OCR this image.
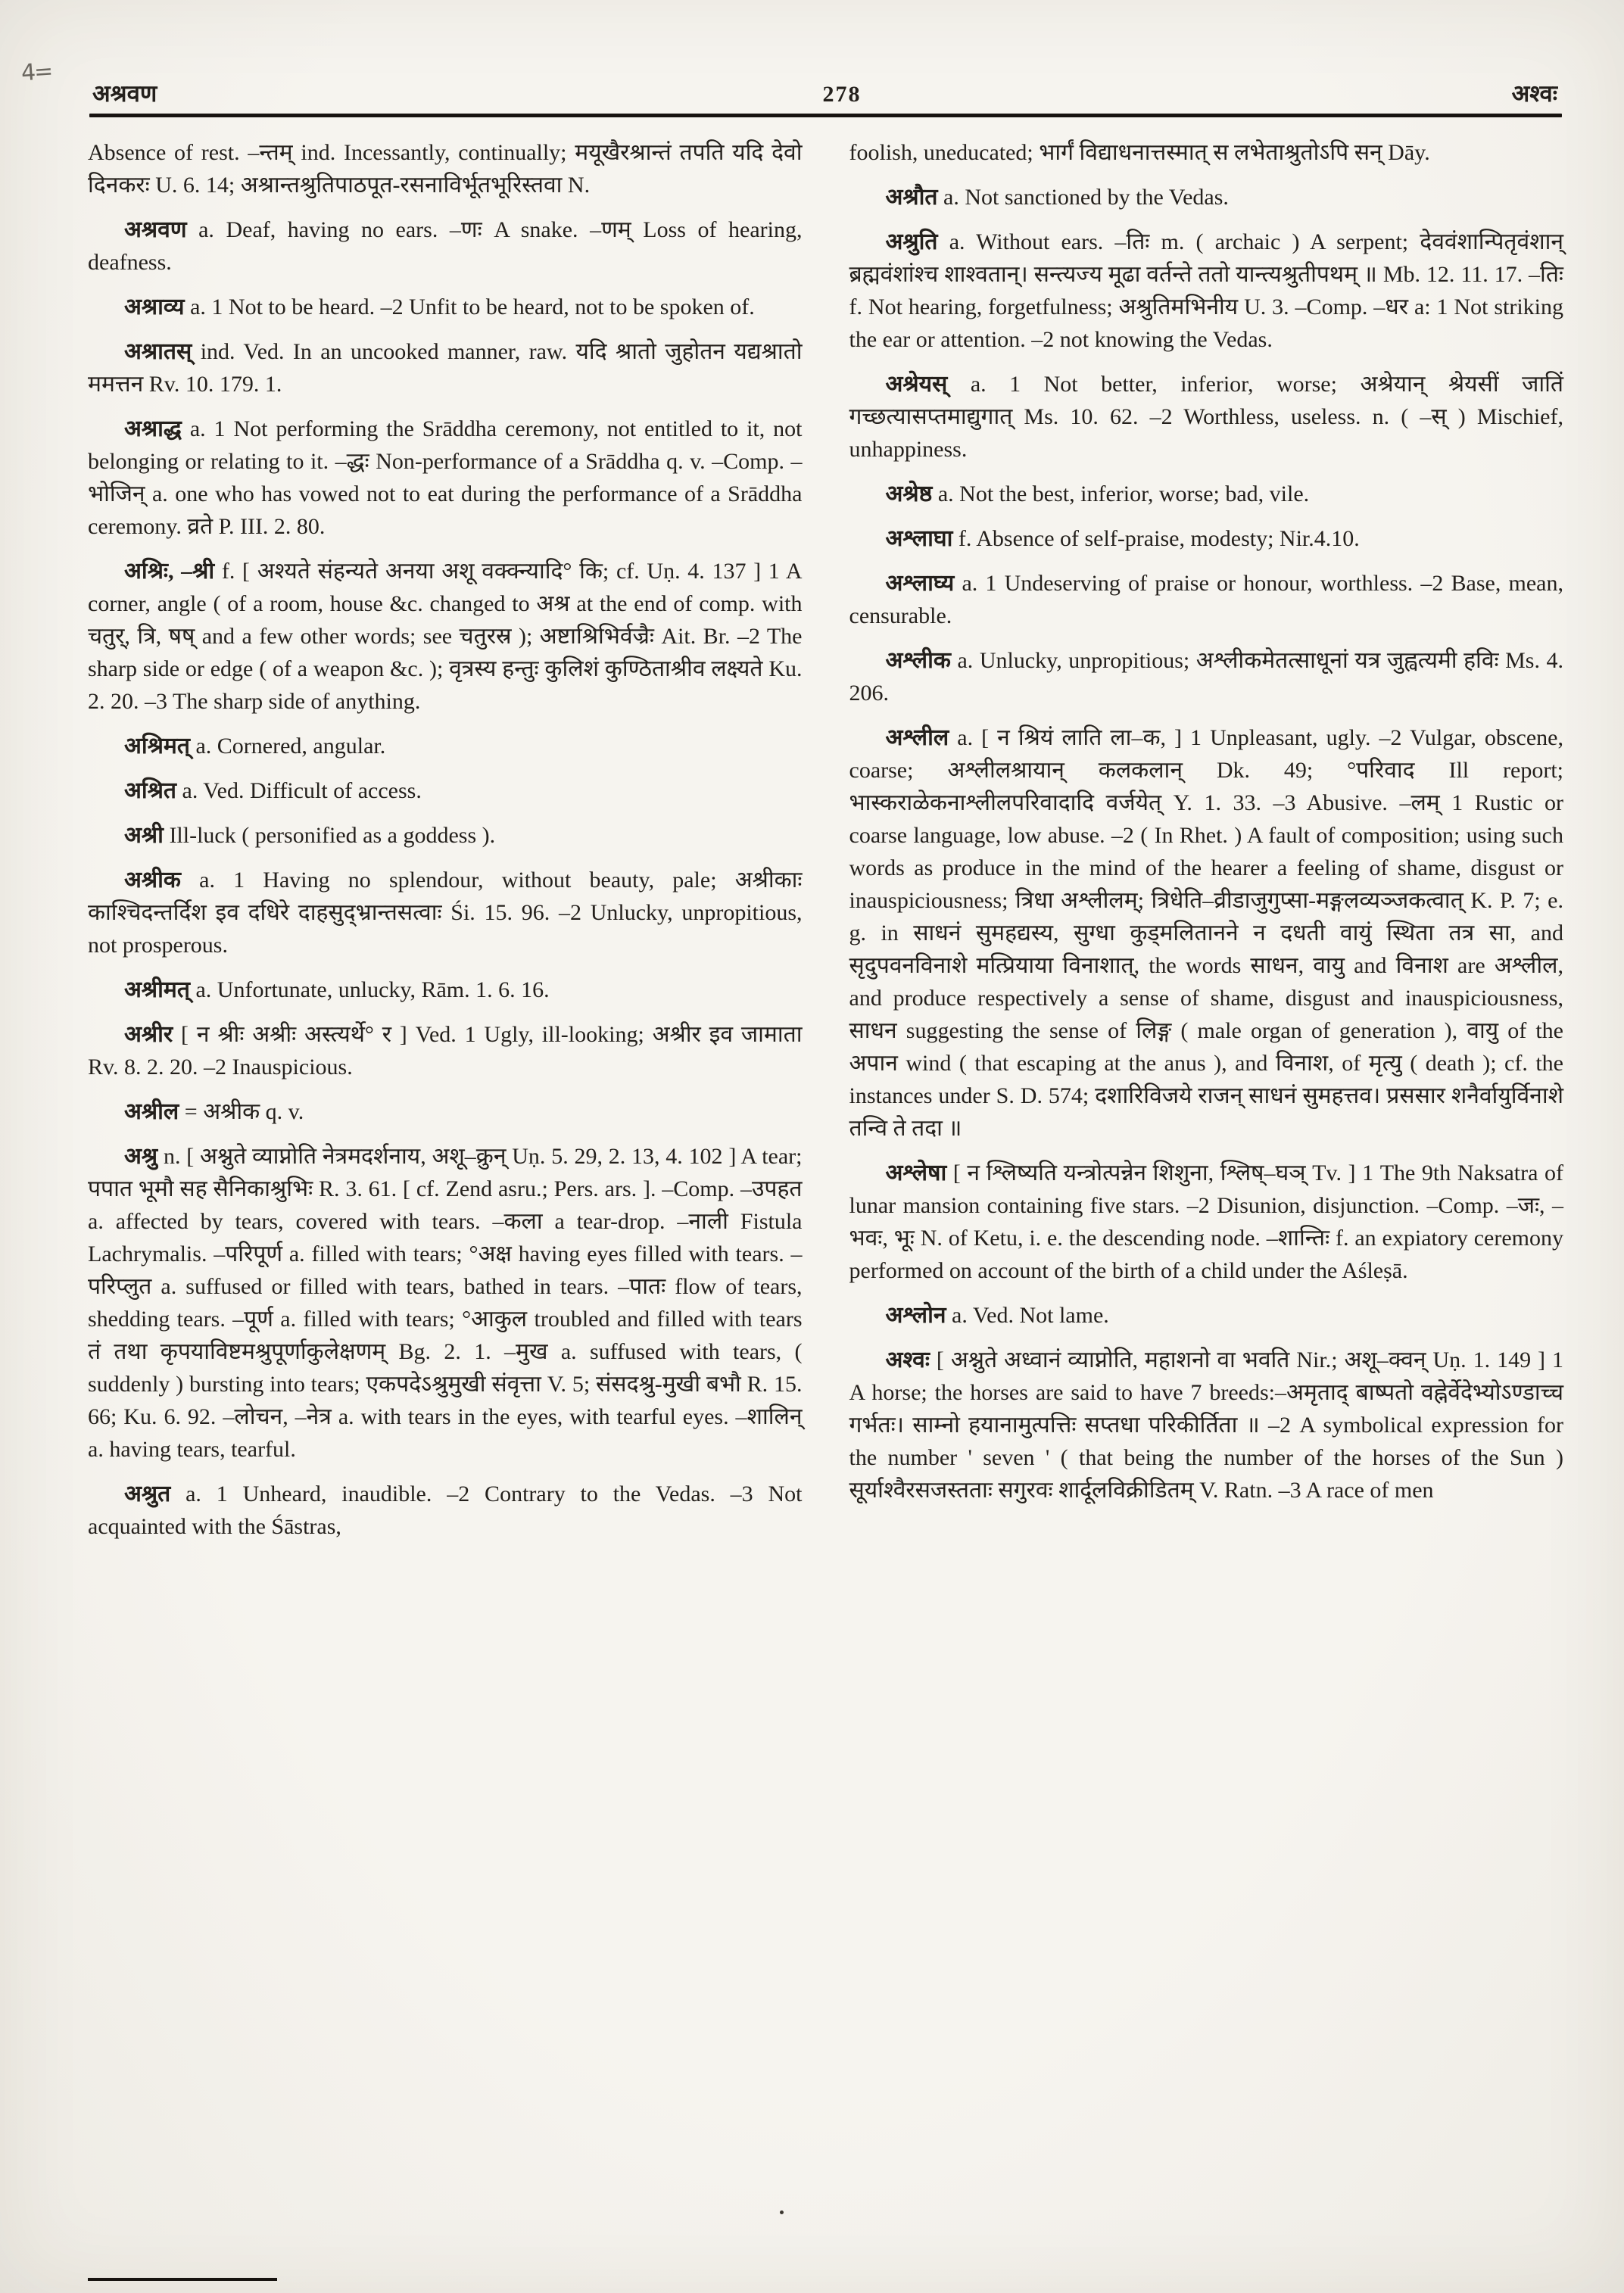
4=
अश्रवण	278	अश्वः

Absence of rest. –न्तम् ind. Incessantly, continually; मयूखैरश्रान्तं तपति यदि देवो दिनकरः U. 6. 14; अश्रान्तश्रुतिपाठपूत-रसनाविर्भूतभूरिस्तवा N.

अश्रवण a. Deaf, having no ears. –णः A snake. –णम् Loss of hearing, deafness.

अश्राव्य a. 1 Not to be heard. –2 Unfit to be heard, not to be spoken of.

अश्रातस् ind. Ved. In an uncooked manner, raw. यदि श्रातो जुहोतन यद्यश्रातो ममत्तन Rv. 10. 179. 1.

अश्राद्ध a. 1 Not performing the Srāddha ceremony, not entitled to it, not belonging or relating to it. –द्धः Non-performance of a Srāddha q. v. –Comp. –भोजिन् a. one who has vowed not to eat during the performance of a Srāddha ceremony. व्रते P. III. 2. 80.

अश्रिः, –श्री f. [ अश्यते संहन्यते अनया अशू वक्क्न्यादि° कि; cf. Uṇ. 4. 137 ] 1 A corner, angle ( of a room, house &c. changed to अश्र at the end of comp. with चतुर्, त्रि, षष् and a few other words; see चतुरस्र ); अष्टाश्रिभिर्वज्रैः Ait. Br. –2 The sharp side or edge ( of a weapon &c. ); वृत्रस्य हन्तुः कुलिशं कुण्ठिताश्रीव लक्ष्यते Ku. 2. 20. –3 The sharp side of anything.

अश्रिमत् a. Cornered, angular.

अश्रित a. Ved. Difficult of access.

अश्री Ill-luck ( personified as a goddess ).

अश्रीक a. 1 Having no splendour, without beauty, pale; अश्रीकाः काश्चिदन्तर्दिश इव दधिरे दाहसुद्भ्रान्तसत्वाः Śi. 15. 96. –2 Unlucky, unpropitious, not prosperous.

अश्रीमत् a. Unfortunate, unlucky, Rām. 1. 6. 16.

अश्रीर [ न श्रीः अश्रीः अस्त्यर्थे° र ] Ved. 1 Ugly, ill-looking; अश्रीर इव जामाता Rv. 8. 2. 20. –2 Inauspicious.

अश्रील = अश्रीक q. v.

अश्रु n. [ अश्नुते व्याप्नोति नेत्रमदर्शनाय, अशू–क्रुन् Uṇ. 5. 29, 2. 13, 4. 102 ] A tear; पपात भूमौ सह सैनिकाश्रुभिः R. 3. 61. [ cf. Zend asru.; Pers. ars. ]. –Comp. –उपहत a. affected by tears, covered with tears. –कला a tear-drop. –नाली Fistula Lachrymalis. –परिपूर्ण a. filled with tears; °अक्ष having eyes filled with tears. –परिप्लुत a. suffused or filled with tears, bathed in tears. –पातः flow of tears, shedding tears. –पूर्ण a. filled with tears; °आकुल troubled and filled with tears तं तथा कृपयाविष्टमश्रुपूर्णाकुलेक्षणम् Bg. 2. 1. –मुख a. suffused with tears, ( suddenly ) bursting into tears; एकपदेऽश्रुमुखी संवृत्ता V. 5; संसदश्रु-मुखी बभौ R. 15. 66; Ku. 6. 92. –लोचन, –नेत्र a. with tears in the eyes, with tearful eyes. –शालिन् a. having tears, tearful.

अश्रुत a. 1 Unheard, inaudible. –2 Contrary to the Vedas. –3 Not acquainted with the Śāstras,

foolish, uneducated; भार्गं विद्याधनात्तस्मात् स लभेताश्रुतोऽपि सन् Dāy.

अश्रौत a. Not sanctioned by the Vedas.

अश्रुति a. Without ears. –तिः m. ( archaic ) A serpent; देववंशान्पितृवंशान् ब्रह्मवंशांश्च शाश्वतान्। सन्त्यज्य मूढा वर्तन्ते ततो यान्त्यश्रुतीपथम् ॥ Mb. 12. 11. 17. –तिः f. Not hearing, forgetfulness; अश्रुतिमभिनीय U. 3. –Comp. –धर a: 1 Not striking the ear or attention. –2 not knowing the Vedas.

अश्रेयस् a. 1 Not better, inferior, worse; अश्रेयान् श्रेयसीं जातिं गच्छत्यासप्तमाद्युगात् Ms. 10. 62. –2 Worthless, useless. n. ( –स् ) Mischief, unhappiness.

अश्रेष्ठ a. Not the best, inferior, worse; bad, vile.

अश्लाघा f. Absence of self-praise, modesty; Nir.4.10.

अश्लाघ्य a. 1 Undeserving of praise or honour, worthless. –2 Base, mean, censurable.

अश्लीक a. Unlucky, unpropitious; अश्लीकमेतत्साधूनां यत्र जुह्वत्यमी हविः Ms. 4. 206.

अश्लील a. [ न श्रियं लाति ला–क, ] 1 Unpleasant, ugly. –2 Vulgar, obscene, coarse; अश्लीलश्रायान् कलकलान् Dk. 49; °परिवाद Ill report; भास्कराळेकनाश्लीलपरिवादादि वर्जयेत् Y. 1. 33. –3 Abusive. –लम् 1 Rustic or coarse language, low abuse. –2 ( In Rhet. ) A fault of composition; using such words as produce in the mind of the hearer a feeling of shame, disgust or inauspiciousness; त्रिधा अश्लीलम्; त्रिधेति–व्रीडाजुगुप्सा-मङ्गलव्यञ्जकत्वात् K. P. 7; e. g. in साधनं सुमहद्यस्य, सुग्धा कुड्मलितानने न दधती वायुं स्थिता तत्र सा, and सृदुपवनविनाशे मत्प्रियाया विनाशात्, the words साधन, वायु and विनाश are अश्लील, and produce respectively a sense of shame, disgust and inauspiciousness, साधन suggesting the sense of लिङ्ग ( male organ of generation ), वायु of the अपान wind ( that escaping at the anus ), and विनाश, of मृत्यु ( death ); cf. the instances under S. D. 574; दशारिविजये राजन् साधनं सुमहत्तव। प्रससार शनैर्वायुर्विनाशे तन्वि ते तदा ॥

अश्लेषा [ न श्लिष्यति यन्त्रोत्पन्नेन शिशुना, श्लिष्–घञ् Tv. ] 1 The 9th Naksatra of lunar mansion containing five stars. –2 Disunion, disjunction. –Comp. –जः, –भवः, भूः N. of Ketu, i. e. the descending node. –शान्तिः f. an expiatory ceremony performed on account of the birth of a child under the Aśleṣā.

अश्लोन a. Ved. Not lame.

अश्वः [ अश्नुते अध्वानं व्याप्नोति, महाशनो वा भवति Nir.; अशू–क्वन् Uṇ. 1. 149 ] 1 A horse; the horses are said to have 7 breeds:–अमृताद् बाष्पतो वह्नेर्वेदेभ्योऽण्डाच्च गर्भतः। साम्नो हयानामुत्पत्तिः सप्तधा परिकीर्तिता ॥ –2 A symbolical expression for the number ' seven ' ( that being the number of the horses of the Sun ) सूर्याश्वैरसजस्तताः सगुरवः शार्दूलविक्रीडितम् V. Ratn. –3 A race of men
